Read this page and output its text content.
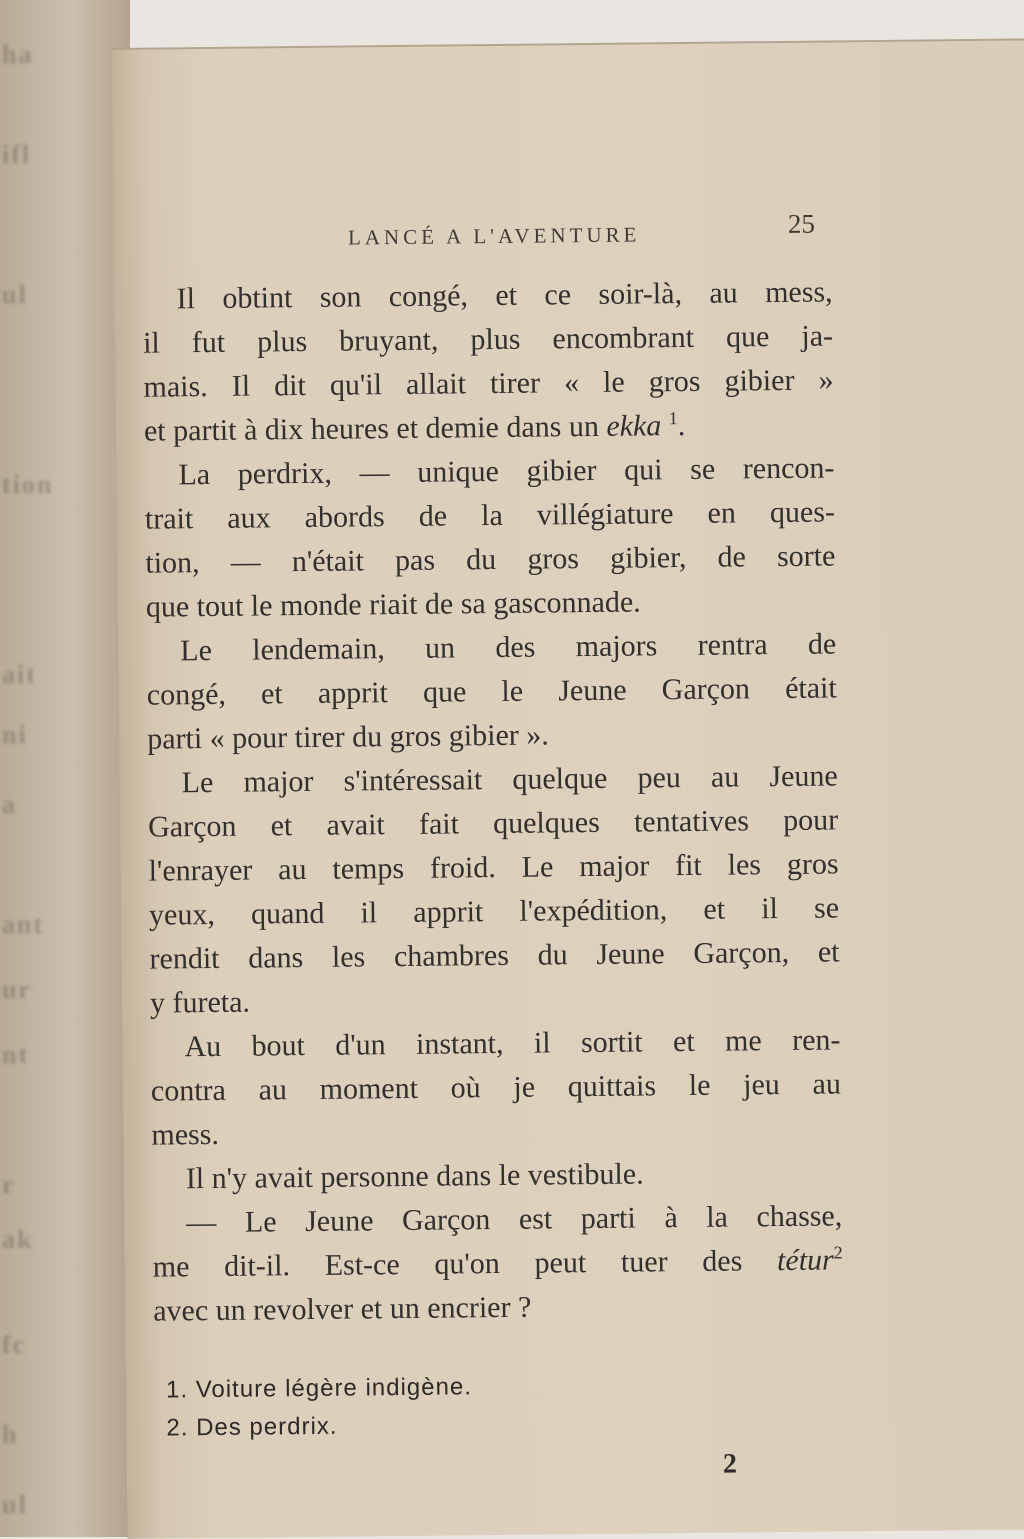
ha
ifl
ul
tion
ait
ni
a
ant
ur
nt
r
ak
fc
h
ul
LANCÉ A L'AVENTURE	25
Il obtint son congé, et ce soir-là, au mess,
il fut plus bruyant, plus encombrant que ja-
mais. Il dit qu'il allait tirer « le gros gibier »
et partit à dix heures et demie dans un ekka $^1$.
La perdrix, — unique gibier qui se rencon-
trait aux abords de la villégiature en ques-
tion, — n'était pas du gros gibier, de sorte
que tout le monde riait de sa gasconnade.
Le lendemain, un des majors rentra de
congé, et apprit que le Jeune Garçon était
parti « pour tirer du gros gibier ».
Le major s'intéressait quelque peu au Jeune
Garçon et avait fait quelques tentatives pour
l'enrayer au temps froid. Le major fit les gros
yeux, quand il apprit l'expédition, et il se
rendit dans les chambres du Jeune Garçon, et
y fureta.
Au bout d'un instant, il sortit et me ren-
contra au moment où je quittais le jeu au
mess.
Il n'y avait personne dans le vestibule.
— Le Jeune Garçon est parti à la chasse,
me dit-il. Est-ce qu'on peut tuer des tétur$^2$
avec un revolver et un encrier ?
1. Voiture légère indigène.
2. Des perdrix.
2
